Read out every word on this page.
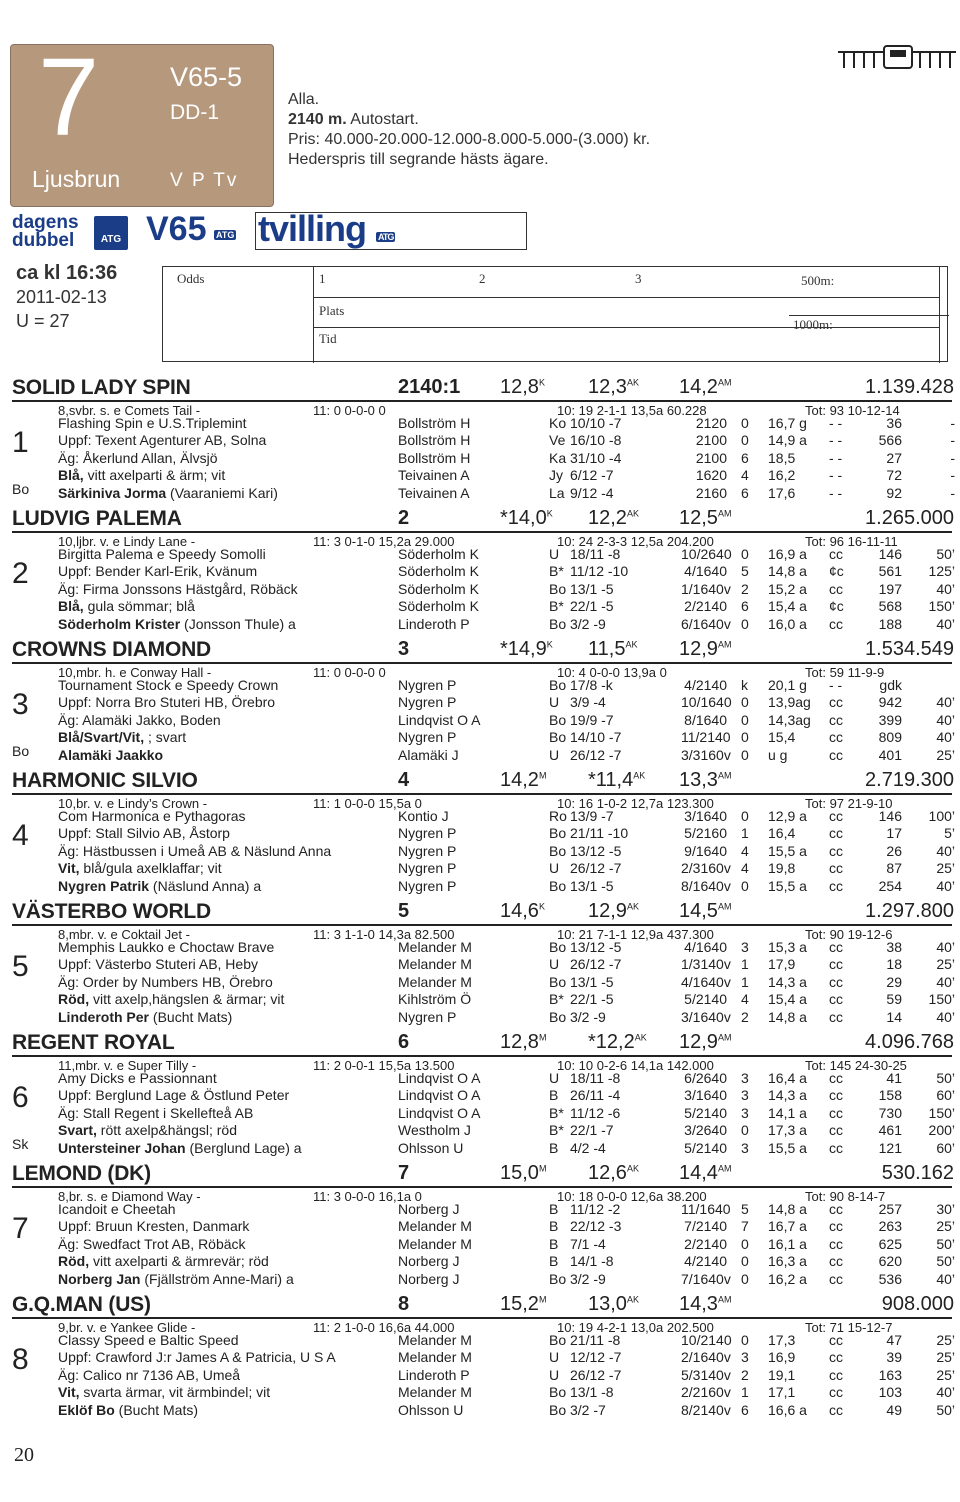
7	V65-5
DD-1
Ljusbrun	V P Tv
Alla.
2140 m. Autostart.
Pris: 40.000-20.000-12.000-8.000-5.000-(3.000) kr.
Hederspris till segrande hästs ägare.
dagens
dubbel	ATG V65 ATG tvilling ATG
ca kl 16:36
2011-02-13
U = 27
Odds	1	2	3	500m:
Plats
1000m:
Tid
SOLID LADY SPIN	2140:1 $12,8^K$ $12,3^{AK}$ $14,2^{AM}$	1.139.428
8,svbr. s. e Comets Tail -	11: 0 0-0-0 0	10: 19 2-1-1 13,5a 60.228	Tot: 93 10-12-14
1
Bo
Flashing Spin e U.S.Triplemint	Bollström H	Ko 10/10 -7	2120 0 16,7 g - -	36	-
Uppf: Texent Agenturer AB, Solna	Bollström H	Ve 16/10 -8	2100 0 14,9 a - -	566	-
Äg: Åkerlund Allan, Älvsjö	Bollström H	Ka 31/10 -4	2100 6 18,5 - -	27	-
Blå, vitt axelparti & ärm; vit	Teivainen A	Jy 6/12 -7	1620 4 16,2 - -	72	-
Särkiniva Jorma (Vaaraniemi Kari)	Teivainen A	La 9/12 -4	2160 6 17,6 - -	92	-
LUDVIG PALEMA	2	$*14,0^K$ $12,2^{AK}$ $12,5^{AM}$	1.265.000
10,ljbr. v. e Lindy Lane -	11: 3 0-1-0 15,2a 29.000	10: 24 2-3-3 12,5a 204.200	Tot: 96 16-11-11
2
Birgitta Palema e Speedy Somolli	Söderholm K	U 18/11 -8	10/2640 0 16,9 a cc	146 50’
Uppf: Bender Karl-Erik, Kvänum	Söderholm K	B* 11/12 -10	4/1640 5 14,8 a ¢c 561 125’
Äg: Firma Jonssons Hästgård, Röbäck	Söderholm K	Bo 13/1 -5	1/1640v 2 15,2 a cc	197 40’
Blå, gula sömmar; blå	Söderholm K	B* 22/1 -5	2/2140 6 15,4 a ¢c 568 150’
Söderholm Krister (Jonsson Thule) a	Linderoth P	Bo 3/2 -9	6/1640v 0 16,0 a cc	188 40’
CROWNS DIAMOND	3	$*14,9^K$ $11,5^{AK}$ $12,9^{AM}$	1.534.549
10,mbr. h. e Conway Hall -	11: 0 0-0-0 0	10: 4 0-0-0 13,9a 0	Tot: 59 11-9-9
3
Bo
Tournament Stock e Speedy Crown	Nygren P	Bo 17/8 -k	4/2140 k 20,1 g - -	gdk
Uppf: Norra Bro Stuteri HB, Örebro	Nygren P	U 3/9 -4	10/1640 0 13,9ag cc	942 40’
Äg: Alamäki Jakko, Boden	Lindqvist O A	Bo 19/9 -7	8/1640 0 14,3ag cc	399 40’
Blå/Svart/Vit, ; svart	Nygren P	Bo 14/10 -7	11/2140 0 15,4 cc	809 40’
Alamäki Jaakko	Alamäki J	U 26/12 -7	3/3160v 0 u g	cc	401 25’
HARMONIC SILVIO	4	$14,2^M$ $*11,4^{AK}$ $13,3^{AM}$	2.719.300
10,br. v. e Lindy’s Crown -	11: 1 0-0-0 15,5a 0	10: 16 1-0-2 12,7a 123.300	Tot: 97 21-9-10
4
Com Harmonica e Pythagoras	Kontio J	Ro 13/9 -7	3/1640 0 12,9 a cc	146 100’
Uppf: Stall Silvio AB, Åstorp	Nygren P	Bo 21/11 -10	5/2160 1 16,4 cc	17	5’
Äg: Hästbussen i Umeå AB & Näslund Anna	Nygren P	Bo 13/12 -5	9/1640 4 15,5 a cc	26 40’
Vit, blå/gula axelklaffar; vit	Nygren P	U 26/12 -7	2/3160v 4 19,8 cc	87 25’
Nygren Patrik (Näslund Anna) a	Nygren P	Bo 13/1 -5	8/1640v 0 15,5 a cc	254 40’
VÄSTERBO WORLD	5	$14,6^K$ $12,9^{AK}$ $14,5^{AM}$	1.297.800
8,mbr. v. e Coktail Jet -	11: 3 1-1-0 14,3a 82.500	10: 21 7-1-1 12,9a 437.300	Tot: 90 19-12-6
5
Memphis Laukko e Choctaw Brave	Melander M	Bo 13/12 -5	4/1640 3 15,3 a cc	38 40’
Uppf: Västerbo Stuteri AB, Heby	Melander M	U 26/12 -7	1/3140v 1 17,9 cc	18 25’
Äg: Order by Numbers HB, Örebro	Melander M	Bo 13/1 -5	4/1640v 1 14,3 a cc	29 40’
Röd, vitt axelp,hängslen & ärmar; vit	Kihlström Ö	B* 22/1 -5	5/2140 4 15,4 a cc	59 150’
Linderoth Per (Bucht Mats)	Nygren P	Bo 3/2 -9	3/1640v 2 14,8 a cc	14 40’
REGENT ROYAL	6	$12,8^M$ $*12,2^{AK}$ $12,9^{AM}$	4.096.768
11,mbr. v. e Super Tilly -	11: 2 0-0-1 15,5a 13.500	10: 10 0-2-6 14,1a 142.000	Tot: 145 24-30-25
6
Sk
Amy Dicks e Passionnant	Lindqvist O A	U 18/11 -8	6/2640 3 16,4 a cc	41 50’
Uppf: Berglund Lage & Östlund Peter	Lindqvist O A	B 26/11 -4	3/1640 3 14,3 a cc	158 60’
Äg: Stall Regent i Skellefteå AB	Lindqvist O A	B* 11/12 -6	5/2140 3 14,1 a cc	730 150’
Svart, rött axelp&hängsl; röd	Westholm J	B* 22/1 -7	3/2640 0 17,3 a cc	461 200’
Untersteiner Johan (Berglund Lage) a	Ohlsson U	B 4/2 -4	5/2140 3 15,5 a cc	121 60’
LEMOND (DK)	7	$15,0^M$ $12,6^{AK}$ $14,4^{AM}$	530.162
8,br. s. e Diamond Way -	11: 3 0-0-0 16,1a 0	10: 18 0-0-0 12,6a 38.200	Tot: 90 8-14-7
7
Icandoit e Cheetah	Norberg J	B 11/12 -2	11/1640 5 14,8 a cc	257 30’
Uppf: Bruun Kresten, Danmark	Melander M	B 22/12 -3	7/2140 7 16,7 a cc	263 25’
Äg: Swedfact Trot AB, Röbäck	Melander M	B 7/1 -4	2/2140 0 16,1 a cc	625 50’
Röd, vitt axelparti & ärmrevär; röd	Norberg J	B 14/1 -8	4/2140 0 16,3 a cc	620 50’
Norberg Jan (Fjällström Anne-Mari) a	Norberg J	Bo 3/2 -9	7/1640v 0 16,2 a cc	536 40’
G.Q.MAN (US)	8	$15,2^M$ $13,0^{AK}$ $14,3^{AM}$	908.000
9,br. v. e Yankee Glide -	11: 2 1-0-0 16,6a 44.000	10: 19 4-2-1 13,0a 202.500	Tot: 71 15-12-7
8
Classy Speed e Baltic Speed	Melander M	Bo 21/11 -8	10/2140 0 17,3 cc	47 25’
Uppf: Crawford J:r James A & Patricia, U S A	Melander M	U 12/12 -7	2/1640v 3 16,9 cc	39 25’
Äg: Calico nr 7136 AB, Umeå	Linderoth P	U 26/12 -7	5/3140v 2 19,1 cc	163 25’
Vit, svarta ärmar, vit ärmbindel; vit	Melander M	Bo 13/1 -8	2/2160v 1 17,1 cc	103 40’
Eklöf Bo (Bucht Mats)	Ohlsson U	Bo 3/2 -7	8/2140v 6 16,6 a cc	49 50’
20
